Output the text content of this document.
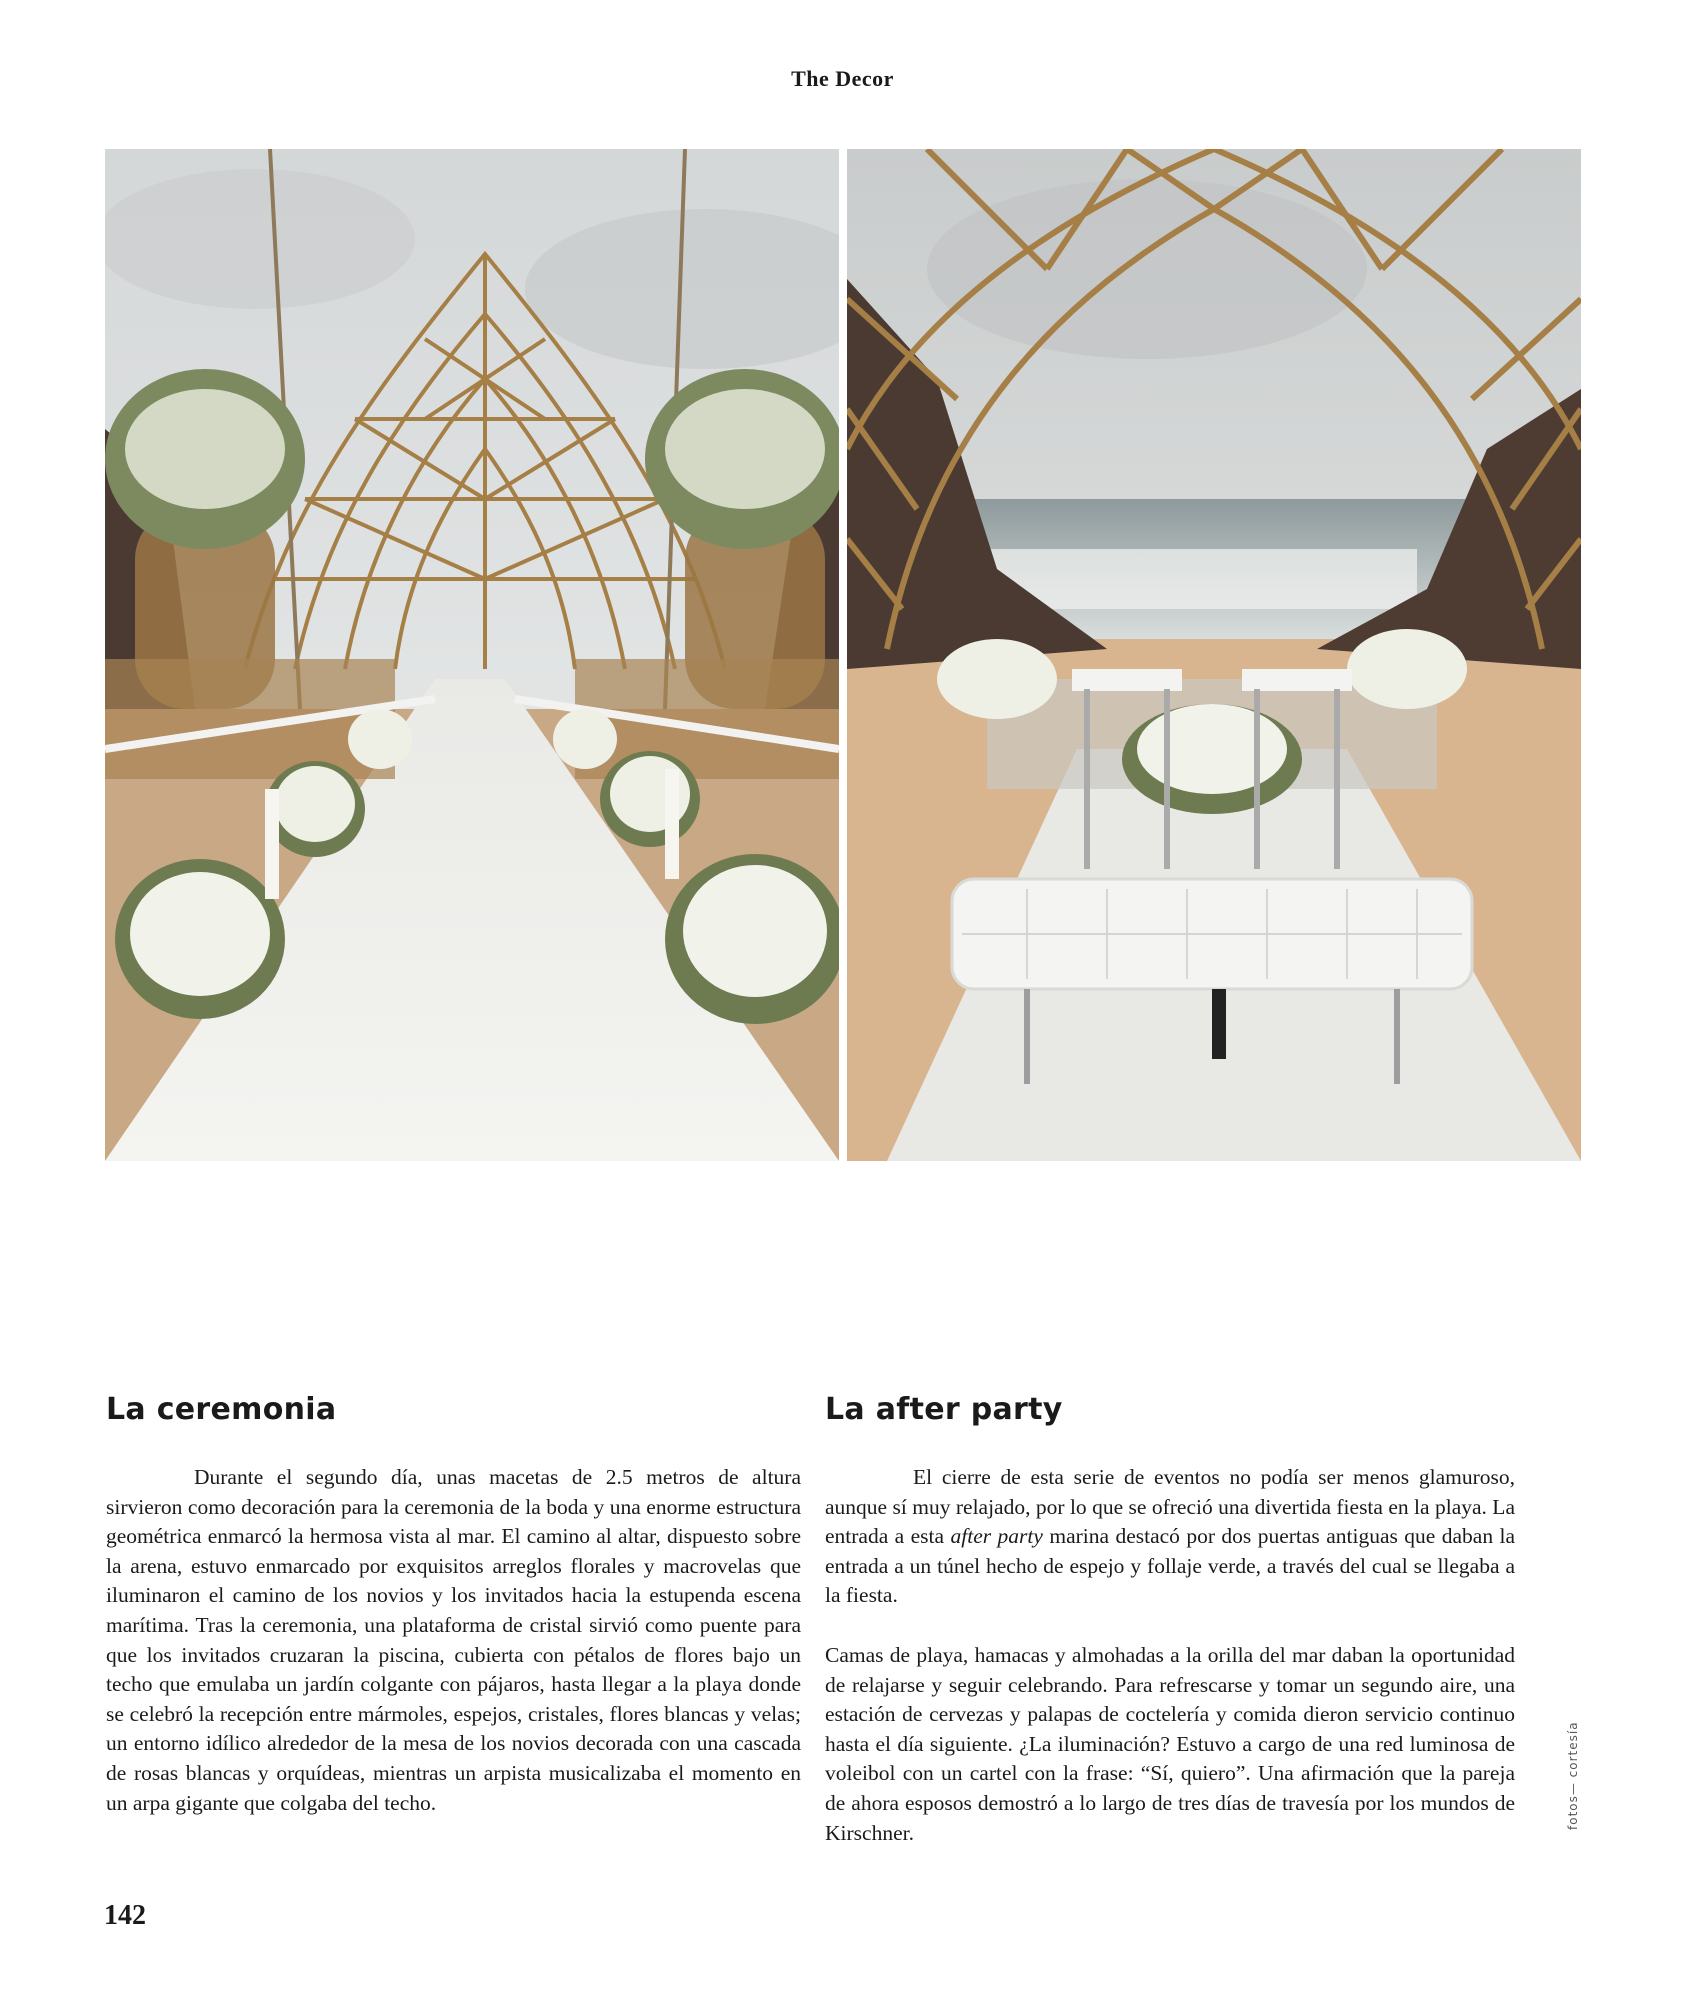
The Decor
La ceremonia

Durante el segundo día, unas macetas de 2.5 metros de altura sirvieron como decoración para la ceremonia de la boda y una enorme estructura geométrica enmarcó la hermosa vista al mar. El camino al altar, dispuesto sobre la arena, estuvo enmarcado por exquisitos arreglos florales y macrovelas que iluminaron el camino de los novios y los invitados hacia la estupenda escena marítima. Tras la ceremonia, una plataforma de cristal sirvió como puente para que los invitados cruzaran la piscina, cubierta con pétalos de flores bajo un techo que emulaba un jardín colgante con pájaros, hasta llegar a la playa donde se celebró la recepción entre mármoles, espejos, cristales, flores blancas y velas; un entorno idílico alrededor de la mesa de los novios decorada con una cascada de rosas blancas y orquídeas, mientras un arpista musicalizaba el momento en un arpa gigante que colgaba del techo.

La after party

El cierre de esta serie de eventos no podía ser menos glamuroso, aunque sí muy relajado, por lo que se ofreció una divertida fiesta en la playa. La entrada a esta after party marina destacó por dos puertas antiguas que daban la entrada a un túnel hecho de espejo y follaje verde, a través del cual se llegaba a la fiesta.

Camas de playa, hamacas y almohadas a la orilla del mar daban la oportunidad de relajarse y seguir celebrando. Para refrescarse y tomar un segundo aire, una estación de cervezas y palapas de coctelería y comida dieron servicio continuo hasta el día siguiente. ¿La iluminación? Estuvo a cargo de una red luminosa de voleibol con un cartel con la frase: “Sí, quiero”. Una afirmación que la pareja de ahora esposos demostró a lo largo de tres días de travesía por los mundos de Kirschner.

fotos— cortesía
142
